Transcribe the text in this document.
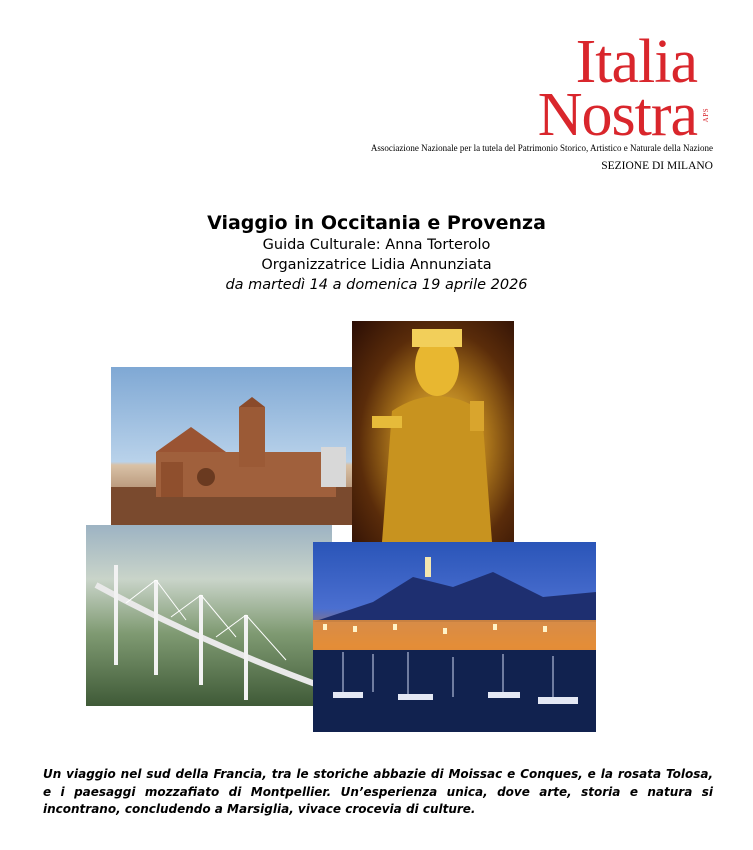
Italia
Nostra APS
Associazione Nazionale per la tutela del Patrimonio Storico, Artistico e Naturale della Nazione
SEZIONE DI MILANO
Viaggio in Occitania e Provenza
Guida Culturale: Anna Torterolo
Organizzatrice Lidia Annunziata
da martedì 14 a domenica 19 aprile 2026
Un viaggio nel sud della Francia, tra le storiche abbazie di Moissac e Conques, e la rosata Tolosa, e i paesaggi mozzafiato di Montpellier. Un’esperienza unica, dove arte, storia e natura si incontrano, concludendo a Marsiglia, vivace crocevia di culture.
